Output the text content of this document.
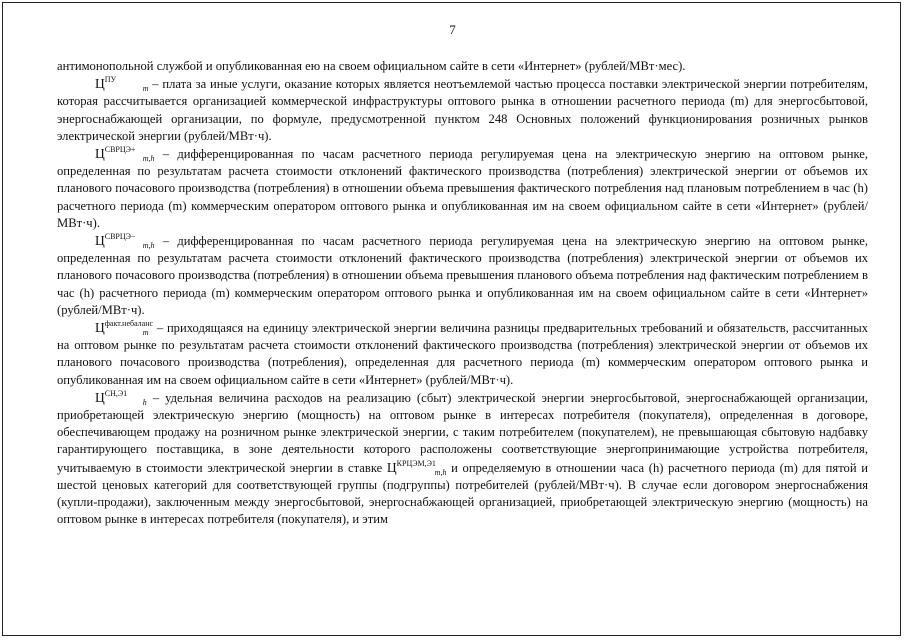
7

антимонопольной службой и опубликованная ею на своем официальном сайте в сети «Интернет» (рублей/МВт·мес).

$Ц^{ПУ}_m$ – плата за иные услуги, оказание которых является неотъемлемой частью процесса поставки электрической энергии потребителям, которая рассчитывается организацией коммерческой инфраструктуры оптового рынка в отношении расчетного периода (m) для энергосбытовой, энергоснабжающей организации, по формуле, предусмотренной пунктом 248 Основных положений функционирования розничных рынков электрической энергии (рублей/МВт·ч).

$Ц^{СВРЦЭ+}_{m,h}$ – дифференцированная по часам расчетного периода регулируемая цена на электрическую энергию на оптовом рынке, определенная по результатам расчета стоимости отклонений фактического производства (потребления) электрической энергии от объемов их планового почасового производства (потребления) в отношении объема превышения фактического потребления над плановым потреблением в час (h) расчетного периода (m) коммерческим оператором оптового рынка и опубликованная им на своем официальном сайте в сети «Интернет» (рублей/МВт·ч).

$Ц^{СВРЦЭ-}_{m,h}$ – дифференцированная по часам расчетного периода регулируемая цена на электрическую энергию на оптовом рынке, определенная по результатам расчета стоимости отклонений фактического производства (потребления) электрической энергии от объемов их планового почасового производства (потребления) в отношении объема превышения планового объема потребления над фактическим потреблением в час (h) расчетного периода (m) коммерческим оператором оптового рынка и опубликованная им на своем официальном сайте в сети «Интернет» (рублей/МВт·ч).

$Ц^{факт.небаланс}_m$ – приходящаяся на единицу электрической энергии величина разницы предварительных требований и обязательств, рассчитанных на оптовом рынке по результатам расчета стоимости отклонений фактического производства (потребления) электрической энергии от объемов их планового почасового производства (потребления), определенная для расчетного периода (m) коммерческим оператором оптового рынка и опубликованная им на своем официальном сайте в сети «Интернет» (рублей/МВт·ч).

$Ц^{СН,Э1}_h$ – удельная величина расходов на реализацию (сбыт) электрической энергии энергосбытовой, энергоснабжающей организации, приобретающей электрическую энергию (мощность) на оптовом рынке в интересах потребителя (покупателя), определенная в договоре, обеспечивающем продажу на розничном рынке электрической энергии, с таким потребителем (покупателем), не превышающая сбытовую надбавку гарантирующего поставщика, в зоне деятельности которого расположены соответствующие энергопринимающие устройства потребителя, учитываемую в стоимости электрической энергии в ставке $Ц^{КРЦЭМ,Э1}_{m,h}$ и определяемую в отношении часа (h) расчетного периода (m) для пятой и шестой ценовых категорий для соответствующей группы (подгруппы) потребителей (рублей/МВт·ч). В случае если договором энергоснабжения (купли-продажи), заключенным между энергосбытовой, энергоснабжающей организацией, приобретающей электрическую энергию (мощность) на оптовом рынке в интересах потребителя (покупателя), и этим
